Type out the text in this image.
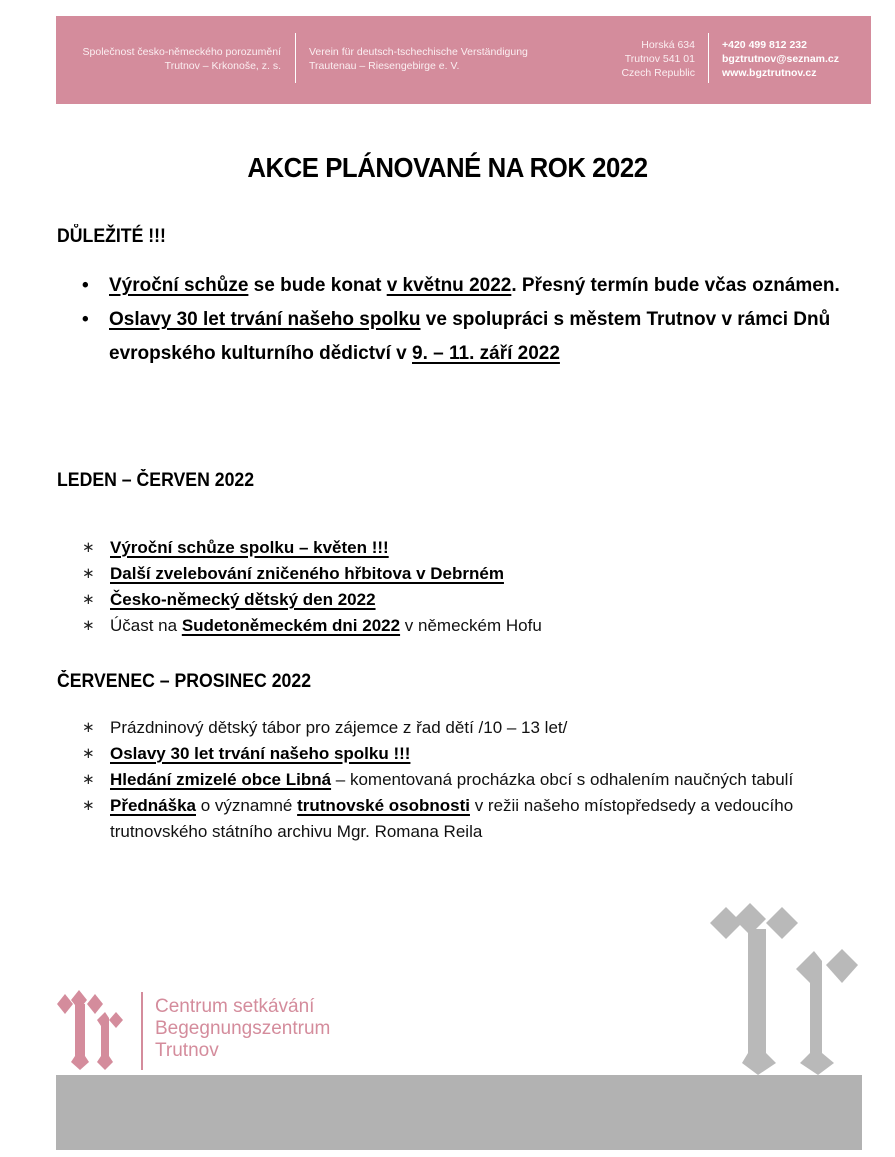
Společnost česko-německého porozumění
Trutnov – Krkonoše, z. s.
Verein für deutsch-tschechische Verständigung
Trautenau – Riesengebirge e. V.
Horská 634
Trutnov 541 01
Czech Republic
+420 499 812 232
bgztrutnov@seznam.cz
www.bgztrutnov.cz
AKCE PLÁNOVANÉ NA ROK 2022
DŮLEŽITÉ !!!
• Výroční schůze se bude konat v květnu 2022. Přesný termín bude včas oznámen.
• Oslavy 30 let trvání našeho spolku ve spolupráci s městem Trutnov v rámci Dnů evropského kulturního dědictví v 9. – 11. září 2022
LEDEN – ČERVEN 2022
∗ Výroční schůze spolku – květen !!!
∗ Další zvelebování zničeného hřbitova v Debrném
∗ Česko-německý dětský den 2022
∗ Účast na Sudetoněmeckém dni 2022 v německém Hofu
ČERVENEC – PROSINEC 2022
∗ Prázdninový dětský tábor pro zájemce z řad dětí /10 – 13 let/
∗ Oslavy 30 let trvání našeho spolku !!!
∗ Hledání zmizelé obce Libná – komentovaná procházka obcí s odhalením naučných tabulí
∗ Přednáška o významné trutnovské osobnosti v režii našeho místopředsedy a vedoucího trutnovského státního archivu Mgr. Romana Reila
Centrum setkávání
Begegnungszentrum
Trutnov
